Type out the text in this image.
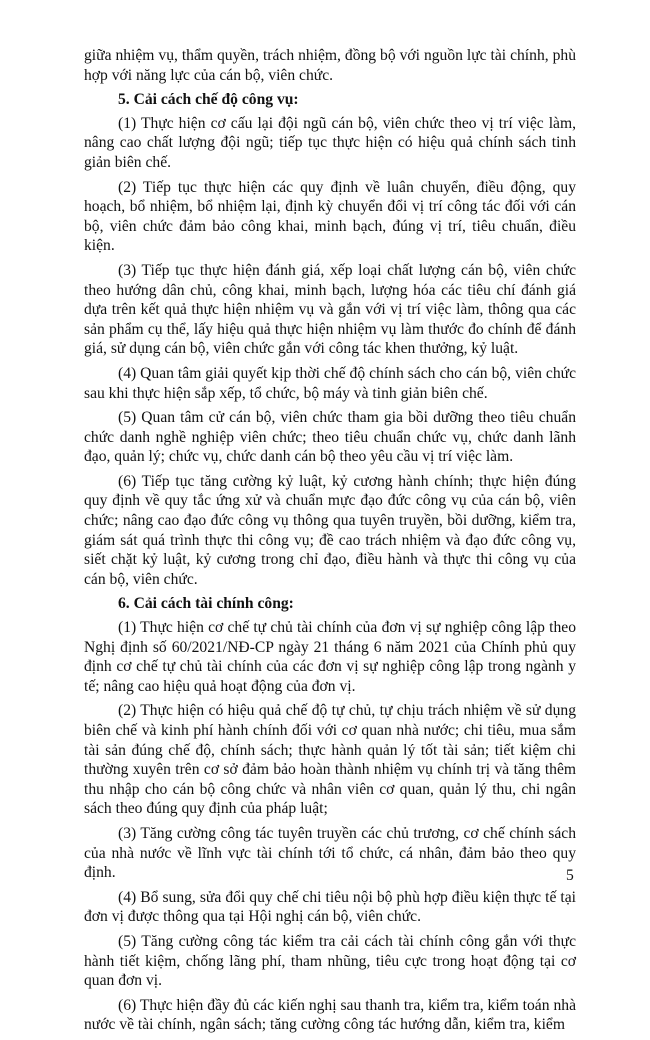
giữa nhiệm vụ, thẩm quyền, trách nhiệm, đồng bộ với nguồn lực tài chính, phù hợp với năng lực của cán bộ, viên chức.

5. Cải cách chế độ công vụ:

(1) Thực hiện cơ cấu lại đội ngũ cán bộ, viên chức theo vị trí việc làm, nâng cao chất lượng đội ngũ; tiếp tục thực hiện có hiệu quả chính sách tinh giản biên chế.

(2) Tiếp tục thực hiện các quy định về luân chuyển, điều động, quy hoạch, bổ nhiệm, bổ nhiệm lại, định kỳ chuyển đổi vị trí công tác đối với cán bộ, viên chức đảm bảo công khai, minh bạch, đúng vị trí, tiêu chuẩn, điều kiện.

(3) Tiếp tục thực hiện đánh giá, xếp loại chất lượng cán bộ, viên chức theo hướng dân chủ, công khai, minh bạch, lượng hóa các tiêu chí đánh giá dựa trên kết quả thực hiện nhiệm vụ và gắn với vị trí việc làm, thông qua các sản phẩm cụ thể, lấy hiệu quả thực hiện nhiệm vụ làm thước đo chính để đánh giá, sử dụng cán bộ, viên chức gắn với công tác khen thưởng, kỷ luật.

(4) Quan tâm giải quyết kịp thời chế độ chính sách cho cán bộ, viên chức sau khi thực hiện sắp xếp, tổ chức, bộ máy và tinh giản biên chế.

(5) Quan tâm cử cán bộ, viên chức tham gia bồi dưỡng theo tiêu chuẩn chức danh nghề nghiệp viên chức; theo tiêu chuẩn chức vụ, chức danh lãnh đạo, quản lý; chức vụ, chức danh cán bộ theo yêu cầu vị trí việc làm.

(6) Tiếp tục tăng cường kỷ luật, kỷ cương hành chính; thực hiện đúng quy định về quy tắc ứng xử và chuẩn mực đạo đức công vụ của cán bộ, viên chức; nâng cao đạo đức công vụ thông qua tuyên truyền, bồi dưỡng, kiểm tra, giám sát quá trình thực thi công vụ; đề cao trách nhiệm và đạo đức công vụ, siết chặt kỷ luật, kỷ cương trong chỉ đạo, điều hành và thực thi công vụ của cán bộ, viên chức.

6. Cải cách tài chính công:

(1) Thực hiện cơ chế tự chủ tài chính của đơn vị sự nghiệp công lập theo Nghị định số 60/2021/NĐ-CP ngày 21 tháng 6 năm 2021 của Chính phủ quy định cơ chế tự chủ tài chính của các đơn vị sự nghiệp công lập trong ngành y tế; nâng cao hiệu quả hoạt động của đơn vị.

(2) Thực hiện có hiệu quả chế độ tự chủ, tự chịu trách nhiệm về sử dụng biên chế và kinh phí hành chính đối với cơ quan nhà nước; chi tiêu, mua sắm tài sản đúng chế độ, chính sách; thực hành quản lý tốt tài sản; tiết kiệm chi thường xuyên trên cơ sở đảm bảo hoàn thành nhiệm vụ chính trị và tăng thêm thu nhập cho cán bộ công chức và nhân viên cơ quan, quản lý thu, chi ngân sách theo đúng quy định của pháp luật;

(3) Tăng cường công tác tuyên truyền các chủ trương, cơ chế chính sách của nhà nước về lĩnh vực tài chính tới tổ chức, cá nhân, đảm bảo theo quy định.

(4) Bổ sung, sửa đổi quy chế chi tiêu nội bộ phù hợp điều kiện thực tế tại đơn vị được thông qua tại Hội nghị cán bộ, viên chức.

(5) Tăng cường công tác kiểm tra cải cách tài chính công gắn với thực hành tiết kiệm, chống lãng phí, tham nhũng, tiêu cực trong hoạt động tại cơ quan đơn vị.

(6) Thực hiện đầy đủ các kiến nghị sau thanh tra, kiểm tra, kiểm toán nhà nước về tài chính, ngân sách; tăng cường công tác hướng dẫn, kiểm tra, kiểm

5
